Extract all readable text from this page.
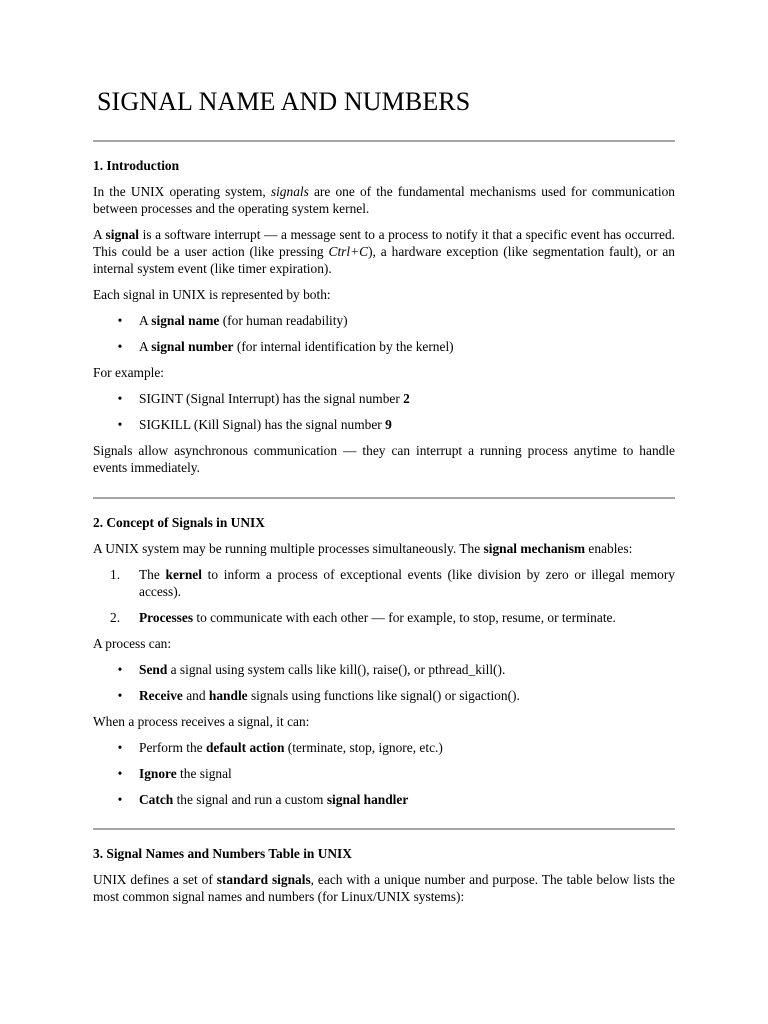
SIGNAL NAME AND NUMBERS
1. Introduction

In the UNIX operating system, signals are one of the fundamental mechanisms used for communication between processes and the operating system kernel.

A signal is a software interrupt — a message sent to a process to notify it that a specific event has occurred. This could be a user action (like pressing Ctrl+C), a hardware exception (like segmentation fault), or an internal system event (like timer expiration).

Each signal in UNIX is represented by both:

•	A signal name (for human readability)
•	A signal number (for internal identification by the kernel)

For example:

•	SIGINT (Signal Interrupt) has the signal number 2
•	SIGKILL (Kill Signal) has the signal number 9

Signals allow asynchronous communication — they can interrupt a running process anytime to handle events immediately.

2. Concept of Signals in UNIX

A UNIX system may be running multiple processes simultaneously. The signal mechanism enables:

1.	The kernel to inform a process of exceptional events (like division by zero or illegal memory access).
2.	Processes to communicate with each other — for example, to stop, resume, or terminate.

A process can:

•	Send a signal using system calls like kill(), raise(), or pthread_kill().
•	Receive and handle signals using functions like signal() or sigaction().

When a process receives a signal, it can:

•	Perform the default action (terminate, stop, ignore, etc.)
•	Ignore the signal
•	Catch the signal and run a custom signal handler
3. Signal Names and Numbers Table in UNIX

UNIX defines a set of standard signals, each with a unique number and purpose. The table below lists the most common signal names and numbers (for Linux/UNIX systems):
